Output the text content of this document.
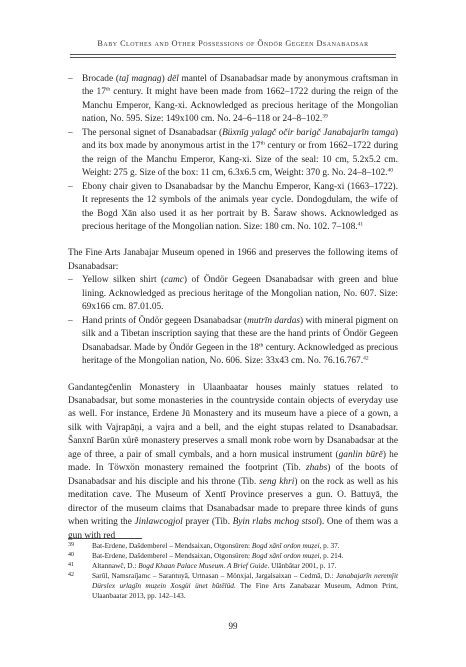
Baby Clothes and Other Possessions of Öndör Gegeen Dsanabadsar
– Brocade (taǰ magnag) dēl mantel of Dsanabadsar made by anonymous craftsman in the 17th century. It might have been made from 1662–1722 during the reign of the Manchu Emperor, Kang-xi. Acknowledged as precious heritage of the Mongolian nation, No. 595. Size: 149x100 cm. No. 24–6–118 or 24–8–102.39
– The personal signet of Dsanabadsar (Büxnīg yalagč očir barigč Janabajarīn tamga) and its box made by anonymous artist in the 17th century or from 1662–1722 during the reign of the Manchu Emperor, Kang-xi. Size of the seal: 10 cm, 5.2x5.2 cm. Weight: 275 g. Size of the box: 11 cm, 6.3x6.5 cm, Weight: 370 g. No. 24–8–102.40
– Ebony chair given to Dsanabadsar by the Manchu Emperor, Kang-xi (1663–1722). It represents the 12 symbols of the animals year cycle. Dondogdulam, the wife of the Bogd Xān also used it as her portrait by B. Šaraw shows. Acknowledged as precious heritage of the Mongolian nation. Size: 180 cm. No. 102. 7–108.41

The Fine Arts Janabajar Museum opened in 1966 and preserves the following items of Dsanabadsar:

– Yellow silken shirt (camc) of Öndör Gegeen Dsanabadsar with green and blue lining. Acknowledged as precious heritage of the Mongolian nation, No. 607. Size: 69x166 cm. 87.01.05.
– Hand prints of Öndör gegeen Dsanabadsar (mutrīn dardas) with mineral pigment on silk and a Tibetan inscription saying that these are the hand prints of Öndör Gegeen Dsanabadsar. Made by Öndör Gegeen in the 18th century. Acknowledged as precious heritage of the Mongolian nation, No. 606. Size: 33x43 cm. No. 76.16.767.42

Gandantegčenlin Monastery in Ulaanbaatar houses mainly statues related to Dsanabadsar, but some monasteries in the countryside contain objects of everyday use as well. For instance, Erdene Jū Monastery and its museum have a piece of a gown, a silk with Vajrapāṇi, a vajra and a bell, and the eight stupas related to Dsanabadsar. Šanxnī Barūn xürē monastery preserves a small monk robe worn by Dsanabadsar at the age of three, a pair of small cymbals, and a horn musical instrument (ganlin būrē) he made. In Töwxön monastery remained the footprint (Tib. zhabs) of the boots of Dsanabadsar and his disciple and his throne (Tib. seng khri) on the rock as well as his meditation cave. The Museum of Xentī Province preserves a gun. O. Battuyā, the director of the museum claims that Dsanabadsar made to prepare three kinds of guns when writing the Jinlawcogjol prayer (Tib. Byin rlabs mchog stsol). One of them was a gun with red

39 Bat-Erdene, Dašdemberel – Mendsaixan, Otgonsüren: Bogd xānī ordon muẓei, p. 37.
40 Bat-Erdene, Dašdemberel – Mendsaixan, Otgonsüren: Bogd xānī ordon muẓei, p. 214.
41 Altannawč, D.: Bogd Khaan Palace Museum. A Brief Guide. Ulānbātar 2001, p. 17.
42 Sarūl, Namsraiǰamc – Sarantuyā, Urtnasan – Mönxjal, Jargalsaixan – Cedmā, D.: Janabajarīn neremǰit Dürslex urlagīn muẓein Xosgüi ünet būtēlüd. The Fine Arts Zanabazar Museum, Admon Print, Ulaanbaatar 2013, pp. 142–143.
99
